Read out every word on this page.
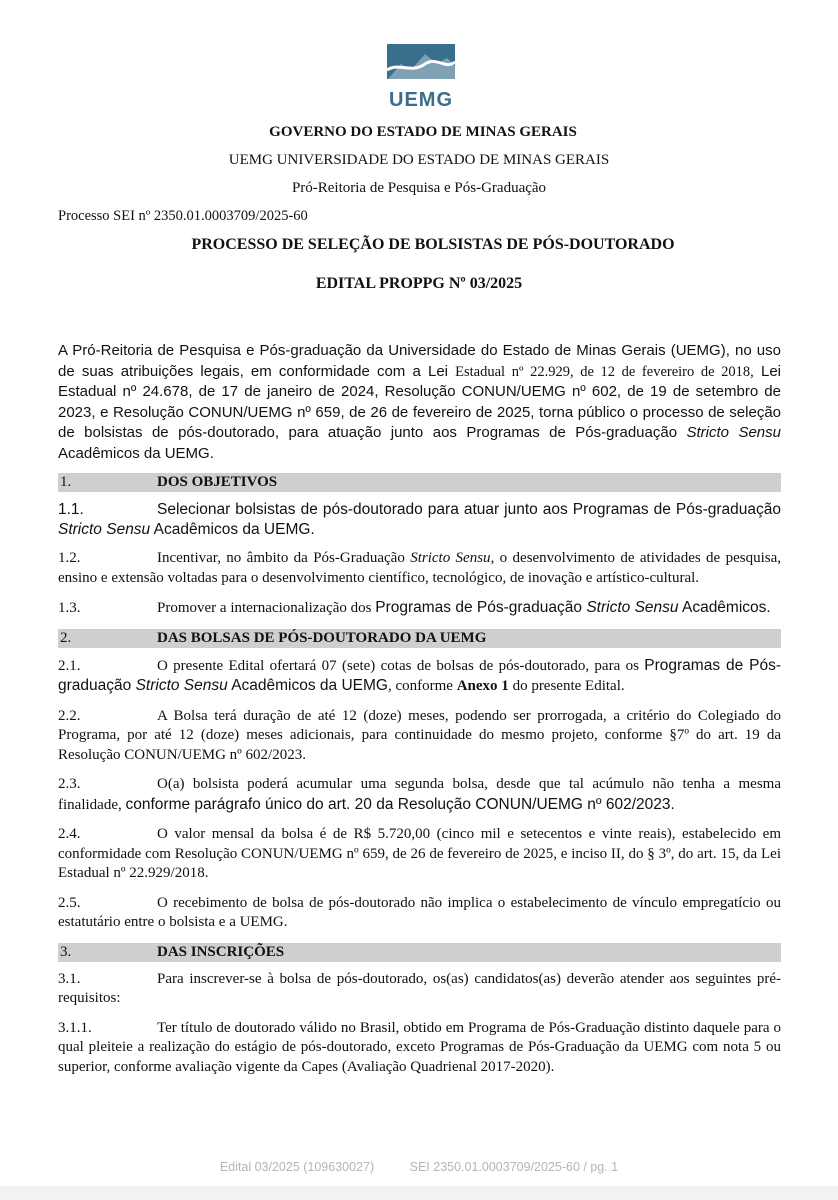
UEMG
GOVERNO DO ESTADO DE MINAS GERAIS
UEMG UNIVERSIDADE DO ESTADO DE MINAS GERAIS
Pró-Reitoria de Pesquisa e Pós-Graduação
Processo SEI nº 2350.01.0003709/2025-60
PROCESSO DE SELEÇÃO DE BOLSISTAS DE PÓS-DOUTORADO
EDITAL PROPPG Nº 03/2025

A Pró-Reitoria de Pesquisa e Pós-graduação da Universidade do Estado de Minas Gerais (UEMG), no uso de suas atribuições legais, em conformidade com a Lei Estadual nº 22.929, de 12 de fevereiro de 2018, Lei Estadual nº 24.678, de 17 de janeiro de 2024, Resolução CONUN/UEMG nº 602, de 19 de setembro de 2023, e Resolução CONUN/UEMG nº 659, de 26 de fevereiro de 2025, torna público o processo de seleção de bolsistas de pós-doutorado, para atuação junto aos Programas de Pós-graduação Stricto Sensu Acadêmicos da UEMG.

1.	DOS OBJETIVOS

1.1.	Selecionar bolsistas de pós-doutorado para atuar junto aos Programas de Pós-graduação Stricto Sensu Acadêmicos da UEMG.

1.2.	Incentivar, no âmbito da Pós-Graduação Stricto Sensu, o desenvolvimento de atividades de pesquisa, ensino e extensão voltadas para o desenvolvimento científico, tecnológico, de inovação e artístico-cultural.

1.3.	Promover a internacionalização dos Programas de Pós-graduação Stricto Sensu Acadêmicos.

2.	DAS BOLSAS DE PÓS-DOUTORADO DA UEMG

2.1.	O presente Edital ofertará 07 (sete) cotas de bolsas de pós-doutorado, para os Programas de Pós-graduação Stricto Sensu Acadêmicos da UEMG, conforme Anexo 1 do presente Edital.

2.2.	A Bolsa terá duração de até 12 (doze) meses, podendo ser prorrogada, a critério do Colegiado do Programa, por até 12 (doze) meses adicionais, para continuidade do mesmo projeto, conforme §7º do art. 19 da Resolução CONUN/UEMG nº 602/2023.

2.3.	O(a) bolsista poderá acumular uma segunda bolsa, desde que tal acúmulo não tenha a mesma finalidade, conforme parágrafo único do art. 20 da Resolução CONUN/UEMG nº 602/2023.

2.4.	O valor mensal da bolsa é de R$ 5.720,00 (cinco mil e setecentos e vinte reais), estabelecido em conformidade com Resolução CONUN/UEMG nº 659, de 26 de fevereiro de 2025, e inciso II, do § 3º, do art. 15, da Lei Estadual nº 22.929/2018.

2.5.	O recebimento de bolsa de pós-doutorado não implica o estabelecimento de vínculo empregatício ou estatutário entre o bolsista e a UEMG.

3.	DAS INSCRIÇÕES

3.1.	Para inscrever-se à bolsa de pós-doutorado, os(as) candidatos(as) deverão atender aos seguintes pré-requisitos:

3.1.1.	Ter título de doutorado válido no Brasil, obtido em Programa de Pós-Graduação distinto daquele para o qual pleiteie a realização do estágio de pós-doutorado, exceto Programas de Pós-Graduação da UEMG com nota 5 ou superior, conforme avaliação vigente da Capes (Avaliação Quadrienal 2017-2020).

Edital 03/2025 (109630027)	SEI 2350.01.0003709/2025-60 / pg. 1
